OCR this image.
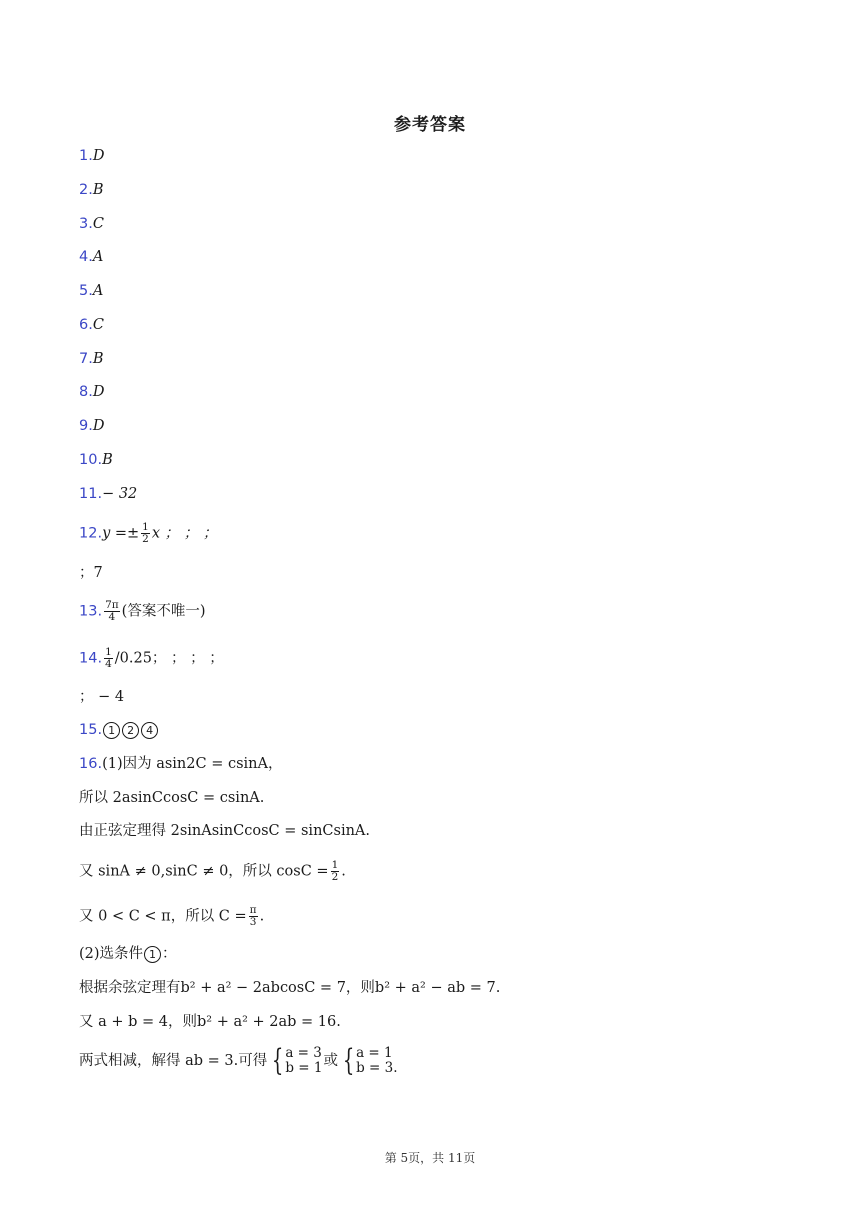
参考答案
1.D
2.B
3.C
4.A
5.A
6.C
7.B
8.D
9.D
10.B
11.− 32
$12.y =\pm \frac{1}{2}$ x ； ； ；
；7
13. $\frac{7\pi}{4}$ (答案不唯一)
14. $\frac{1}{4} /0.25$； ； ； ；
； − 4
15. 1 2 4
16.(1)因为 asin2C = csinA，
所以 2asinCcosC = csinA.
由正弦定理得 2sinAsinCcosC = sinCsinA.
又 sinA ≠ 0,sinC ≠ 0，所以 $\cos C = \frac{1}{2}$ .
又 0 < C < π，所以 $C = \frac{\pi}{3}$ .
(2)选条件 1 ：
根据余弦定理有b² + a² − 2abcosC = 7，则b² + a² − ab = 7.
又 a + b = 4，则b² + a² + 2ab = 16.
两式相减，解得 ab = 3.可得 { a = 3
b = 1 或 { a = 1
b = 3.
第 5页，共 11页
